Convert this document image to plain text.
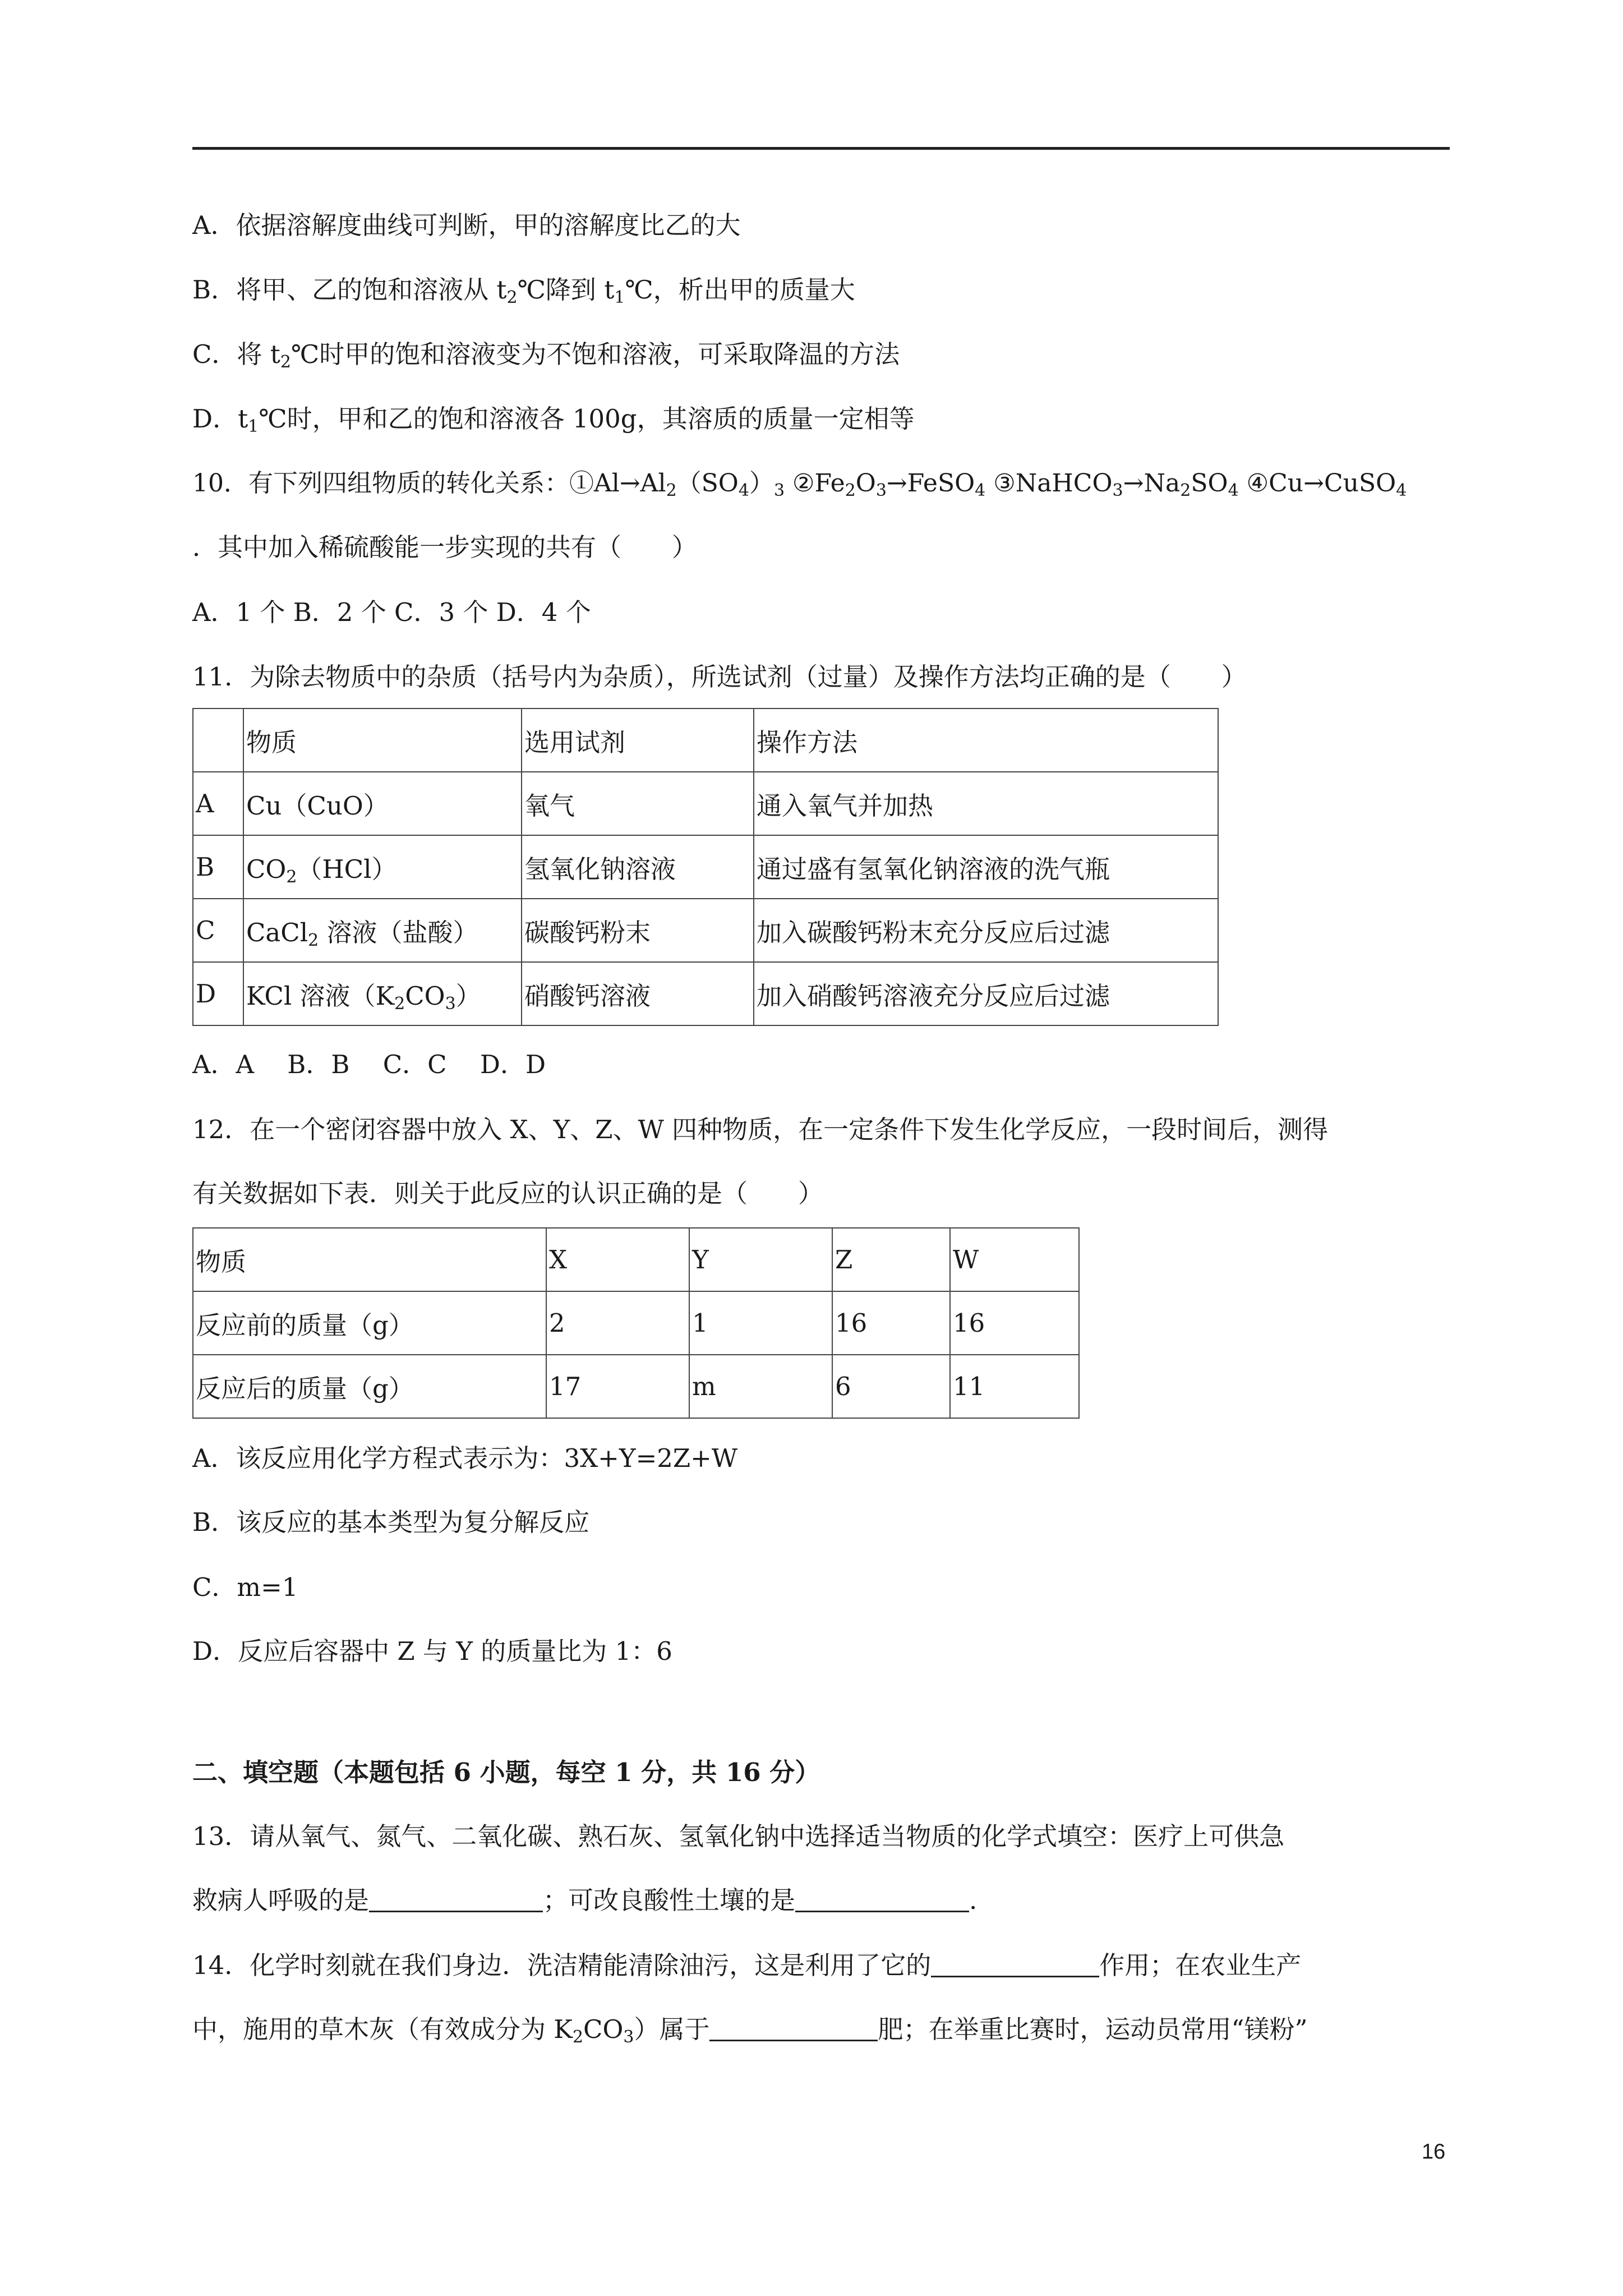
A．依据溶解度曲线可判断，甲的溶解度比乙的大
B．将甲、乙的饱和溶液从 $t_2℃$降到 $t_1℃$，析出甲的质量大
C．将 $t_2℃$时甲的饱和溶液变为不饱和溶液，可采取降温的方法
D．$t_1℃$时，甲和乙的饱和溶液各 100g，其溶质的质量一定相等
10．有下列四组物质的转化关系：$①Al\to Al_2(SO_4)_3$ $②Fe_2O_3\to FeSO_4$ $③NaHCO_3\to Na_2SO_4$ ④Cu→CuSO$_4$
．其中加入稀硫酸能一步实现的共有（　　）
A．1 个 B．2 个 C．3 个 D．4 个
11．为除去物质中的杂质（括号内为杂质），所选试剂（过量）及操作方法均正确的是（　　）
	物质	选用试剂	操作方法
A	Cu（CuO）	氧气	通入氧气并加热
B	$CO_2(HCl)$	氢氧化钠溶液	通过盛有氢氧化钠溶液的洗气瓶
C	CaCl$_2$ 溶液（盐酸）	碳酸钙粉末	加入碳酸钙粉末充分反应后过滤
D	KCl 溶液$(K_2CO_3)$	硝酸钙溶液	加入硝酸钙溶液充分反应后过滤
A．A 　B．B 　C．C 　D．D
12．在一个密闭容器中放入 X、Y、Z、W 四种物质，在一定条件下发生化学反应，一段时间后，测得
有关数据如下表．则关于此反应的认识正确的是（　　）
物质	X	Y	Z	W
反应前的质量（g）	2	1	16	16
反应后的质量（g）	17	m	6	11
A．该反应用化学方程式表示为：3X+Y=2Z+W
B．该反应的基本类型为复分解反应
C．m=1
D．反应后容器中 Z 与 Y 的质量比为 1：6
二、填空题（本题包括 6 小题，每空 1 分，共 16 分）
13．请从氧气、氮气、二氧化碳、熟石灰、氢氧化钠中选择适当物质的化学式填空：医疗上可供急
救病人呼吸的是	；可改良酸性土壤的是	.
14．化学时刻就在我们身边．洗洁精能清除油污，这是利用了它的	作用；在农业生产
中，施用的草木灰（有效成分为 $K_2CO_3$）属于	肥；在举重比赛时，运动员常用“镁粉”
16
